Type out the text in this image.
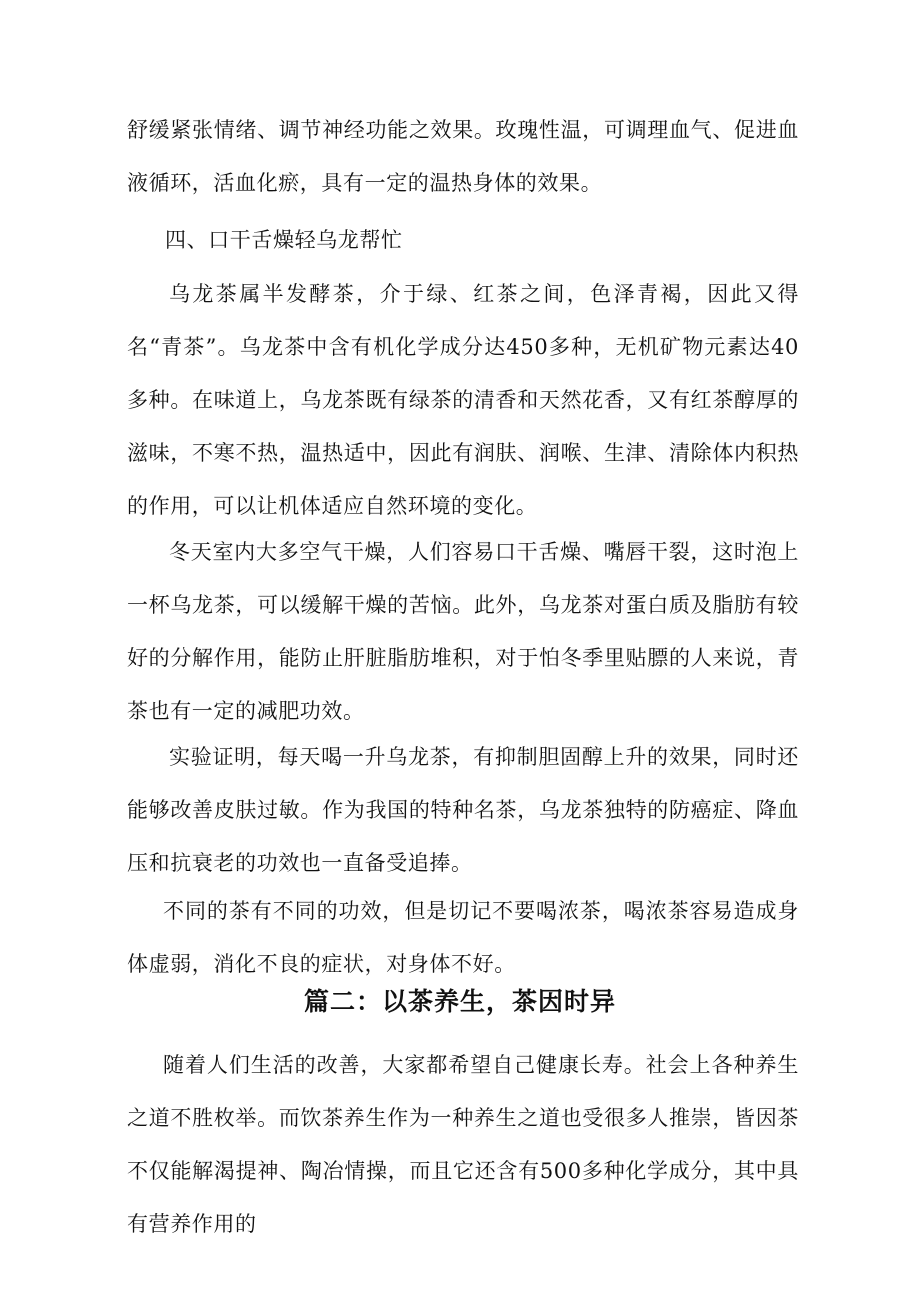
舒缓紧张情绪、调节神经功能之效果。玫瑰性温，可调理血气、促进血液循环，活血化瘀，具有一定的温热身体的效果。

四、口干舌燥轻乌龙帮忙

乌龙茶属半发酵茶，介于绿、红茶之间，色泽青褐，因此又得名“青茶”。乌龙茶中含有机化学成分达450多种，无机矿物元素达40多种。在味道上，乌龙茶既有绿茶的清香和天然花香，又有红茶醇厚的滋味，不寒不热，温热适中，因此有润肤、润喉、生津、清除体内积热的作用，可以让机体适应自然环境的变化。

冬天室内大多空气干燥，人们容易口干舌燥、嘴唇干裂，这时泡上一杯乌龙茶，可以缓解干燥的苦恼。此外，乌龙茶对蛋白质及脂肪有较好的分解作用，能防止肝脏脂肪堆积，对于怕冬季里贴膘的人来说，青茶也有一定的减肥功效。

实验证明，每天喝一升乌龙茶，有抑制胆固醇上升的效果，同时还能够改善皮肤过敏。作为我国的特种名茶，乌龙茶独特的防癌症、降血压和抗衰老的功效也一直备受追捧。

不同的茶有不同的功效，但是切记不要喝浓茶，喝浓茶容易造成身体虚弱，消化不良的症状，对身体不好。

篇二：以茶养生，茶因时异

随着人们生活的改善，大家都希望自己健康长寿。社会上各种养生之道不胜枚举。而饮茶养生作为一种养生之道也受很多人推崇，皆因茶不仅能解渴提神、陶冶情操，而且它还含有500多种化学成分，其中具有营养作用的
